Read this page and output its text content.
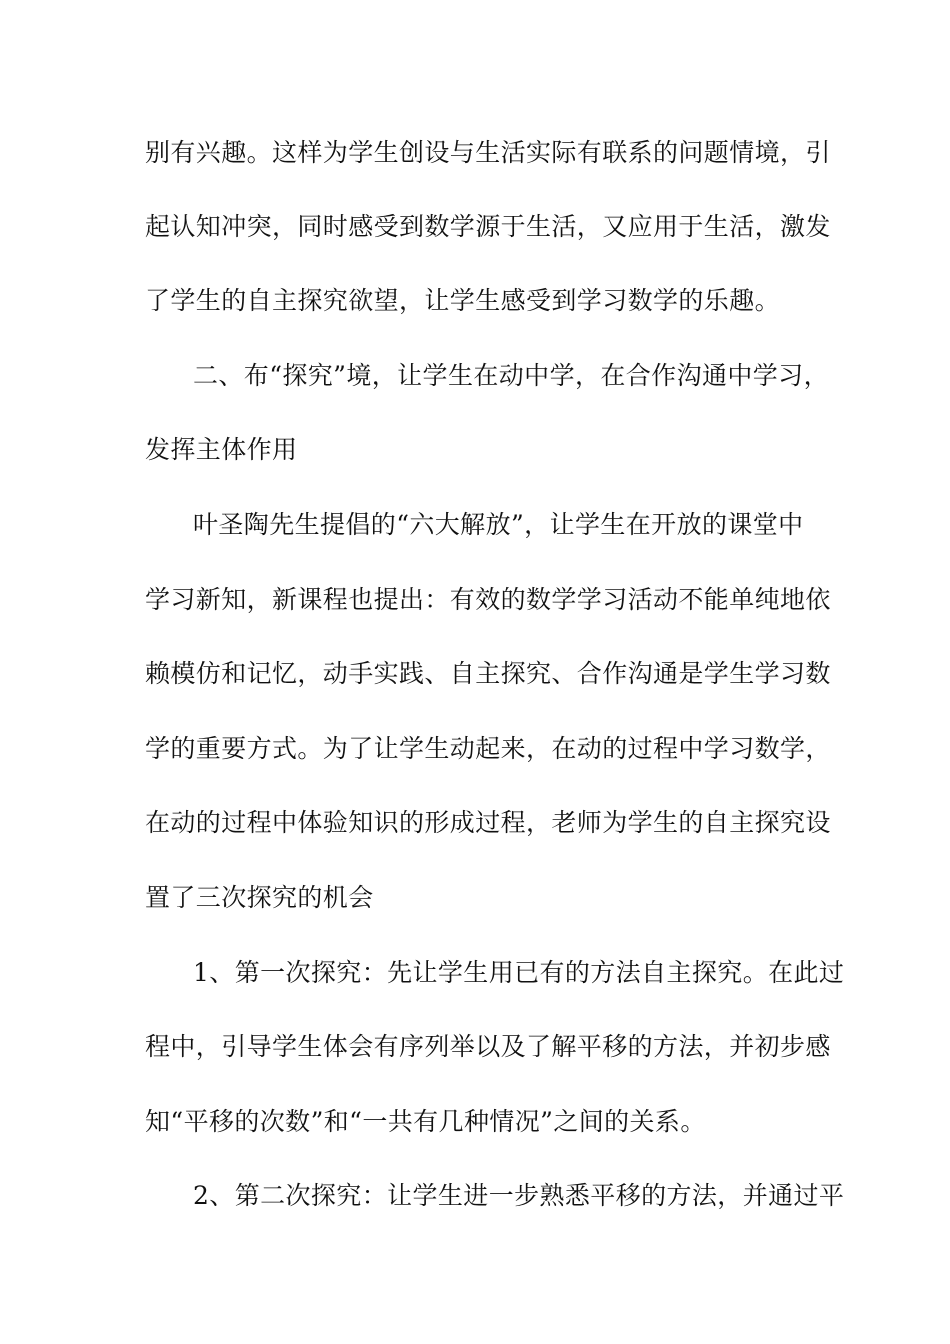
别有兴趣。这样为学生创设与生活实际有联系的问题情境，引
起认知冲突，同时感受到数学源于生活，又应用于生活，激发
了学生的自主探究欲望，让学生感受到学习数学的乐趣。
二、布“探究”境，让学生在动中学，在合作沟通中学习，
发挥主体作用
叶圣陶先生提倡的“六大解放”，让学生在开放的课堂中
学习新知，新课程也提出：有效的数学学习活动不能单纯地依
赖模仿和记忆，动手实践、自主探究、合作沟通是学生学习数
学的重要方式。为了让学生动起来，在动的过程中学习数学，
在动的过程中体验知识的形成过程，老师为学生的自主探究设
置了三次探究的机会
1、第一次探究：先让学生用已有的方法自主探究。在此过
程中，引导学生体会有序列举以及了解平移的方法，并初步感
知“平移的次数”和“一共有几种情况”之间的关系。
2、第二次探究：让学生进一步熟悉平移的方法，并通过平
